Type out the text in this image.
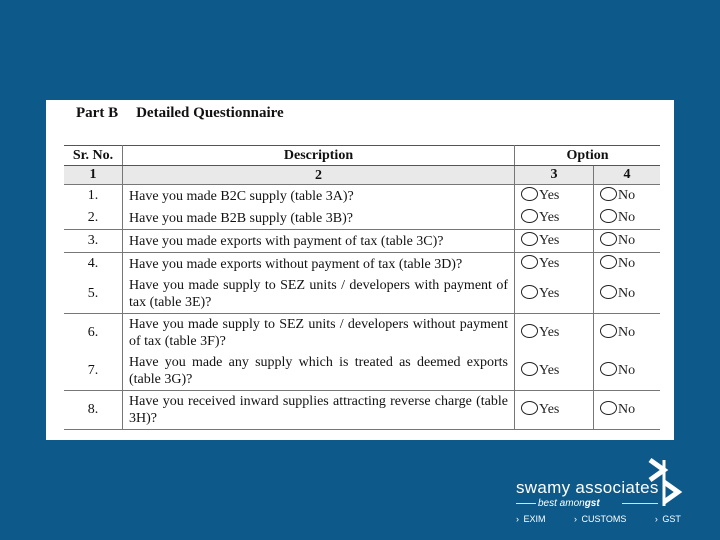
Part B Detailed Questionnaire
Sr. No.	Description	Option	
1	2	3	4
1.	Have you made B2C supply (table 3A)?	Yes	No
2.	Have you made B2B supply (table 3B)?	Yes	No
3.	Have you made exports with payment of tax (table 3C)?	Yes	No
4.	Have you made exports without payment of tax (table 3D)?	Yes	No
5.	Have you made supply to SEZ units / developers with payment of tax (table 3E)?	Yes	No
6.	Have you made supply to SEZ units / developers without payment of tax (table 3F)?	Yes	No
7.	Have you made any supply which is treated as deemed exports (table 3G)?	Yes	No
8.	Have you received inward supplies attracting reverse charge (table 3H)?	Yes	No
swamy associates
best amongst
› EXIM	› CUSTOMS	› GST
